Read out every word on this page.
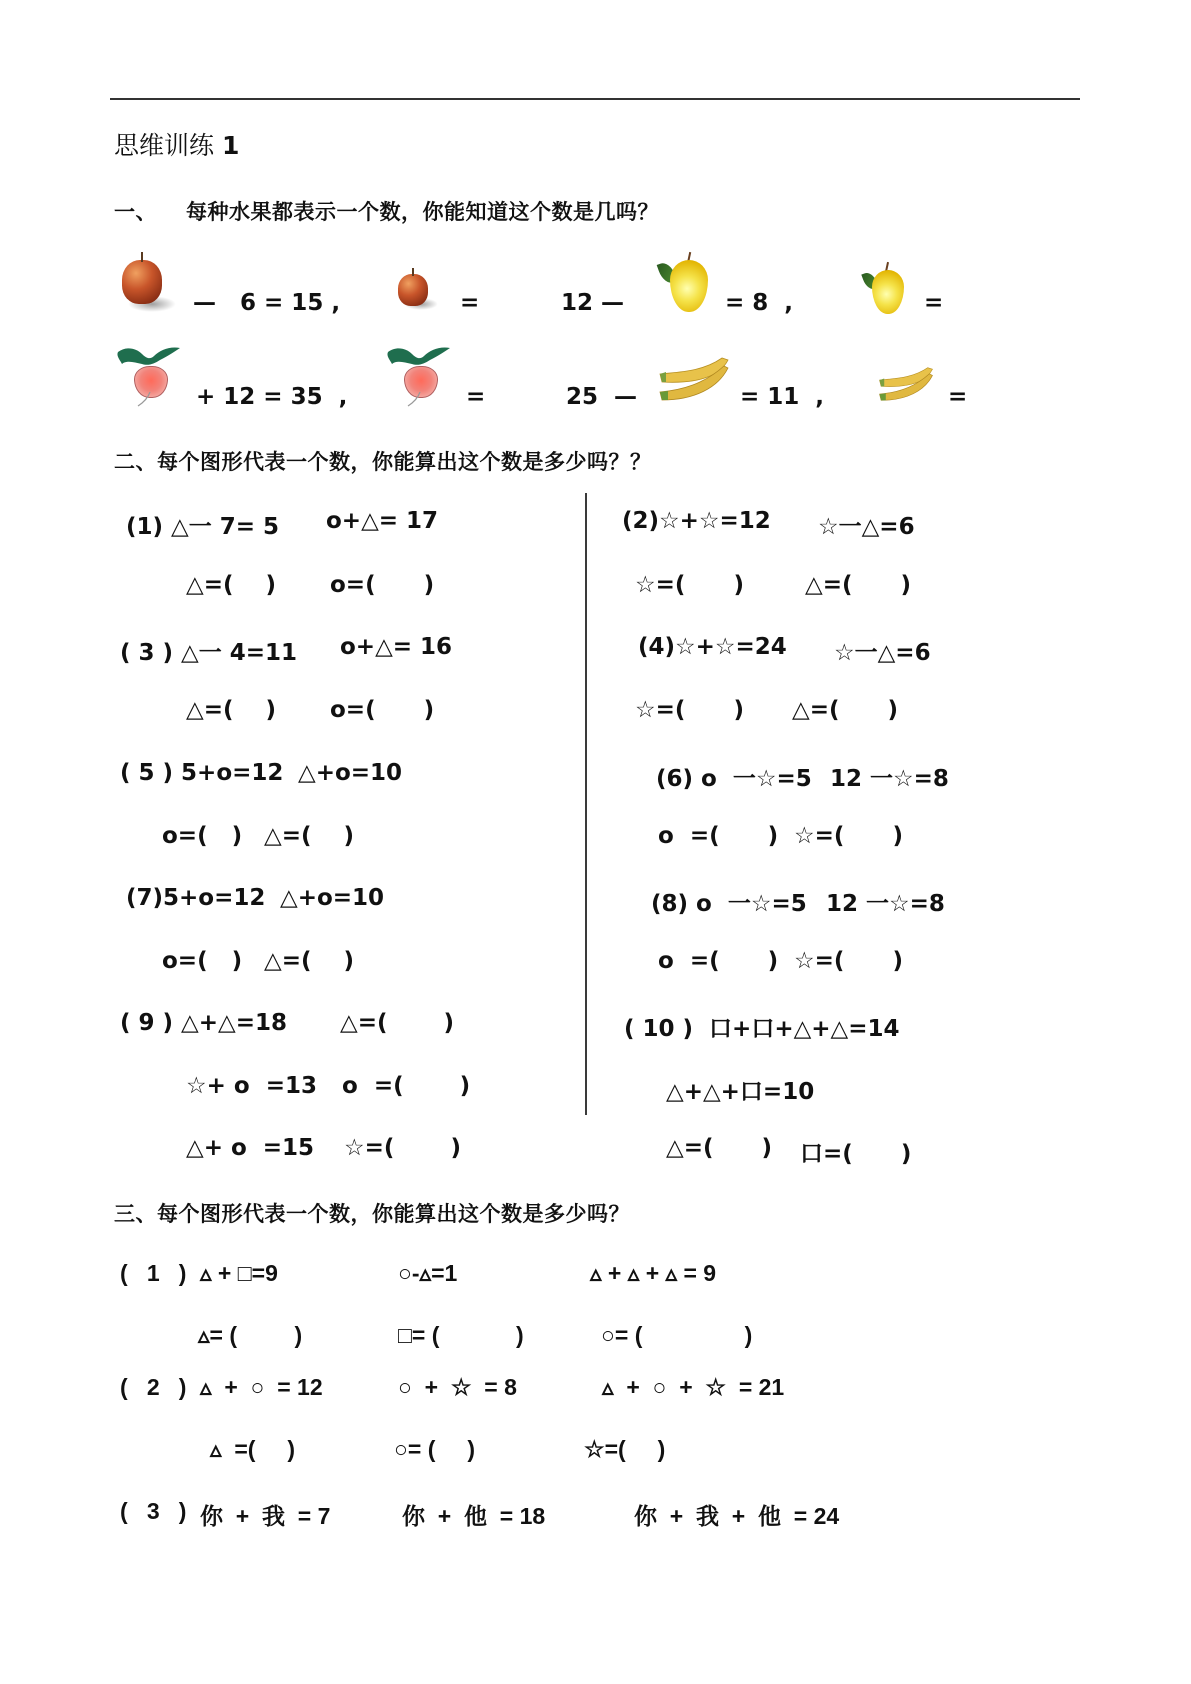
思维训练 1
一、 每种水果都表示一个数，你能知道这个数是几吗？
—   6 = 15 ,	=	12 —	= 8  ,	=
+ 12 = 35  ,	=	25  —	= 11  ,	=
二、每个图形代表一个数，你能算出这个数是多少吗？？
(1) △一 7= 5 o+△= 17
△=(    ) o=(      )
(2)☆+☆=12 ☆一△=6
☆=(      )	△=(      )
( 3 ) △一 4=11 o+△= 16
△=(    ) o=(      )
(4)☆+☆=24 ☆一△=6
☆=(      ) △=(      )
( 5 ) 5+o=12 △+o=10
o=(   ) △=(    )
(6) o  一☆=5 12 一☆=8
o  =(      ) ☆=(      )
(7)5+o=12 △+o=10
o=(   ) △=(    )
(8) o  一☆=5 12 一☆=8
o  =(      ) ☆=(      )
( 9 ) △+△=18 △=(       )
☆+ o  =13 o  =(       )
△+ o  =15 ☆=(       )
( 10 )  口+口+△+△=14
△+△+口=10
△=(      ) 口=(      )
三、每个图形代表一个数，你能算出这个数是多少吗？
(   1   ) ▵ + □=9	○-▵=1	▵ + ▵ + ▵ = 9
▵= (         )	□= (            )	○= (                )
(   2   ) ▵  +  ○  = 12	○  +  ☆  = 8	▵  +  ○  +  ☆  = 21
▵  =(     )	○= (     )	☆=(     )
(   3   ) 你  +  我  = 7	你  +  他  = 18	你  +  我  +  他  = 24
